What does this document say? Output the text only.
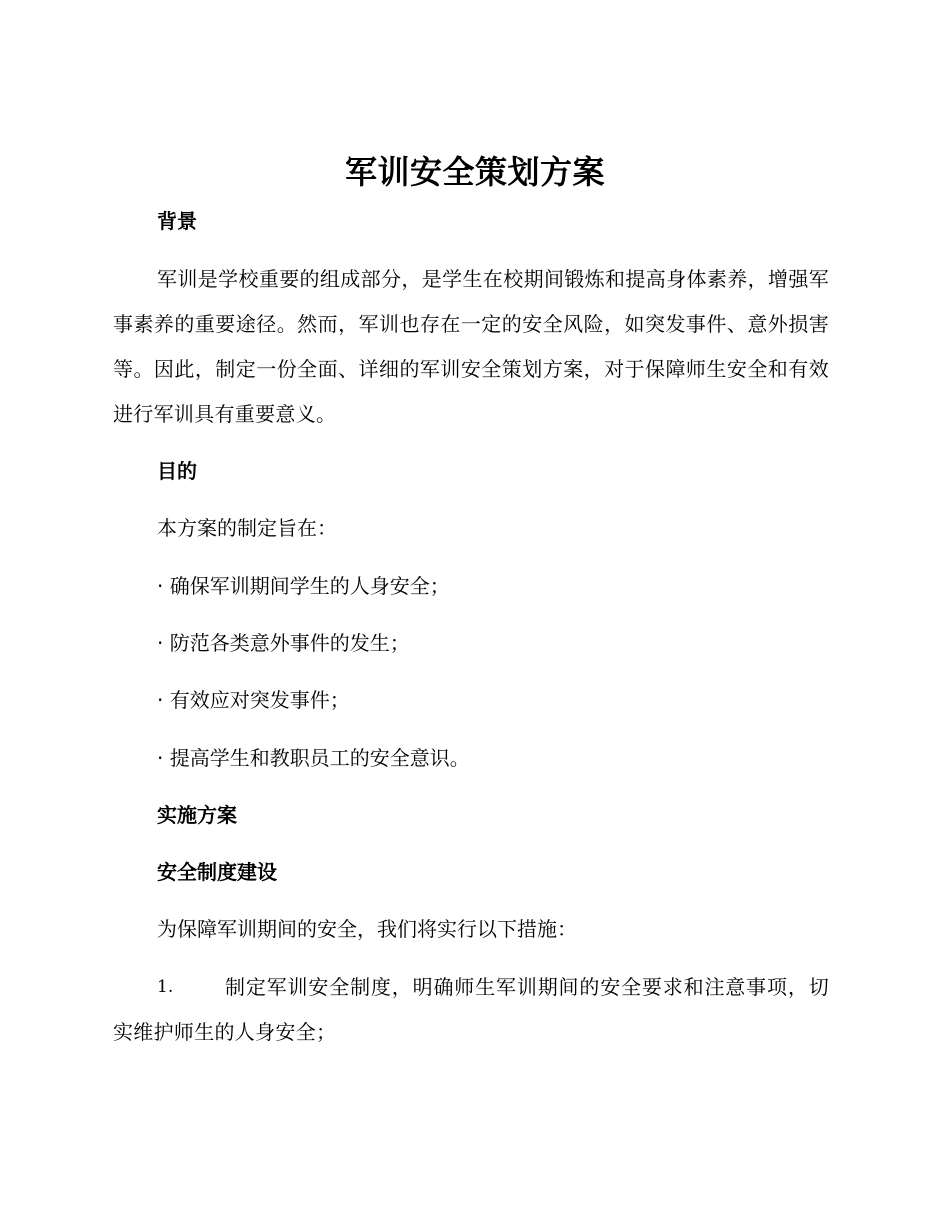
军训安全策划方案
背景
军训是学校重要的组成部分，是学生在校期间锻炼和提高身体素养，增强军事素养的重要途径。然而，军训也存在一定的安全风险，如突发事件、意外损害等。因此，制定一份全面、详细的军训安全策划方案，对于保障师生安全和有效进行军训具有重要意义。
目的
本方案的制定旨在：
· 确保军训期间学生的人身安全；
· 防范各类意外事件的发生；
· 有效应对突发事件；
· 提高学生和教职员工的安全意识。
实施方案
安全制度建设
为保障军训期间的安全，我们将实行以下措施：
1.	制定军训安全制度，明确师生军训期间的安全要求和注意事项，切实维护师生的人身安全；
